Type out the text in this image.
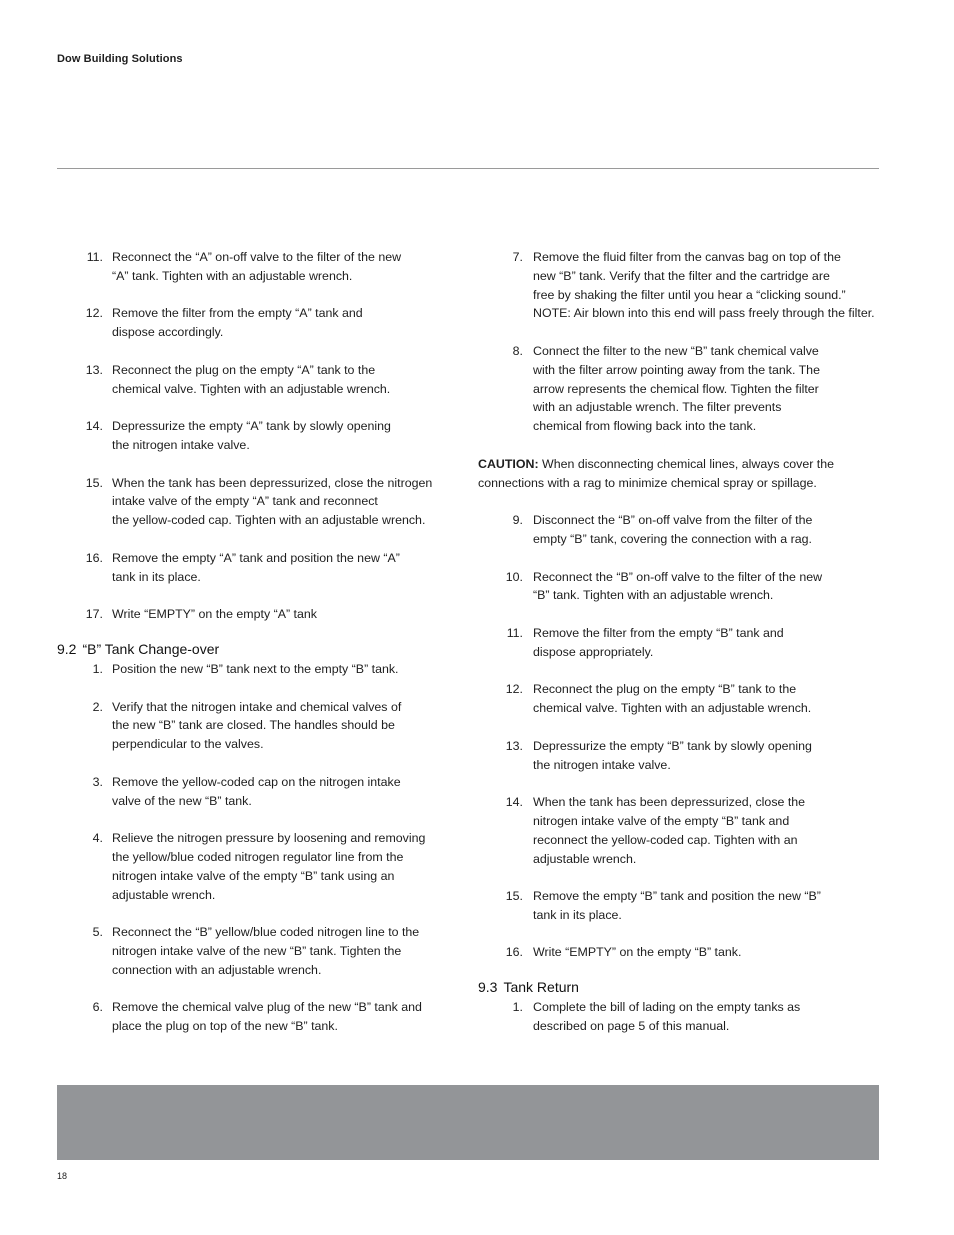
Dow Building Solutions
11. Reconnect the “A” on-off valve to the filter of the new
“A” tank. Tighten with an adjustable wrench.
12. Remove the filter from the empty “A” tank and
dispose accordingly.
13. Reconnect the plug on the empty “A” tank to the
chemical valve. Tighten with an adjustable wrench.
14. Depressurize the empty “A” tank by slowly opening
the nitrogen intake valve.
15. When the tank has been depressurized, close the nitrogen
intake valve of the empty “A” tank and reconnect
the yellow-coded cap. Tighten with an adjustable wrench.
16. Remove the empty “A” tank and position the new “A”
tank in its place.
17. Write “EMPTY” on the empty “A” tank
9.2 “B” Tank Change-over
1. Position the new “B” tank next to the empty “B” tank.
2. Verify that the nitrogen intake and chemical valves of
the new “B” tank are closed. The handles should be
perpendicular to the valves.
3. Remove the yellow-coded cap on the nitrogen intake
valve of the new “B” tank.
4. Relieve the nitrogen pressure by loosening and removing
the yellow/blue coded nitrogen regulator line from the
nitrogen intake valve of the empty “B” tank using an
adjustable wrench.
5. Reconnect the “B” yellow/blue coded nitrogen line to the
nitrogen intake valve of the new “B” tank. Tighten the
connection with an adjustable wrench.
6. Remove the chemical valve plug of the new “B” tank and
place the plug on top of the new “B” tank.
7. Remove the fluid filter from the canvas bag on top of the
new “B” tank. Verify that the filter and the cartridge are
free by shaking the filter until you hear a “clicking sound.”
NOTE: Air blown into this end will pass freely through the filter.
8. Connect the filter to the new “B” tank chemical valve
with the filter arrow pointing away from the tank. The
arrow represents the chemical flow. Tighten the filter
with an adjustable wrench. The filter prevents
chemical from flowing back into the tank.

CAUTION: When disconnecting chemical lines, always cover the connections with a rag to minimize chemical spray or spillage.

9. Disconnect the “B” on-off valve from the filter of the
empty “B” tank, covering the connection with a rag.
10. Reconnect the “B” on-off valve to the filter of the new
“B” tank. Tighten with an adjustable wrench.
11. Remove the filter from the empty “B” tank and
dispose appropriately.
12. Reconnect the plug on the empty “B” tank to the
chemical valve. Tighten with an adjustable wrench.
13. Depressurize the empty “B” tank by slowly opening
the nitrogen intake valve.
14. When the tank has been depressurized, close the
nitrogen intake valve of the empty “B” tank and
reconnect the yellow-coded cap. Tighten with an
adjustable wrench.
15. Remove the empty “B” tank and position the new “B”
tank in its place.
16. Write “EMPTY” on the empty “B” tank.
9.3 Tank Return
1. Complete the bill of lading on the empty tanks as
described on page 5 of this manual.
18
